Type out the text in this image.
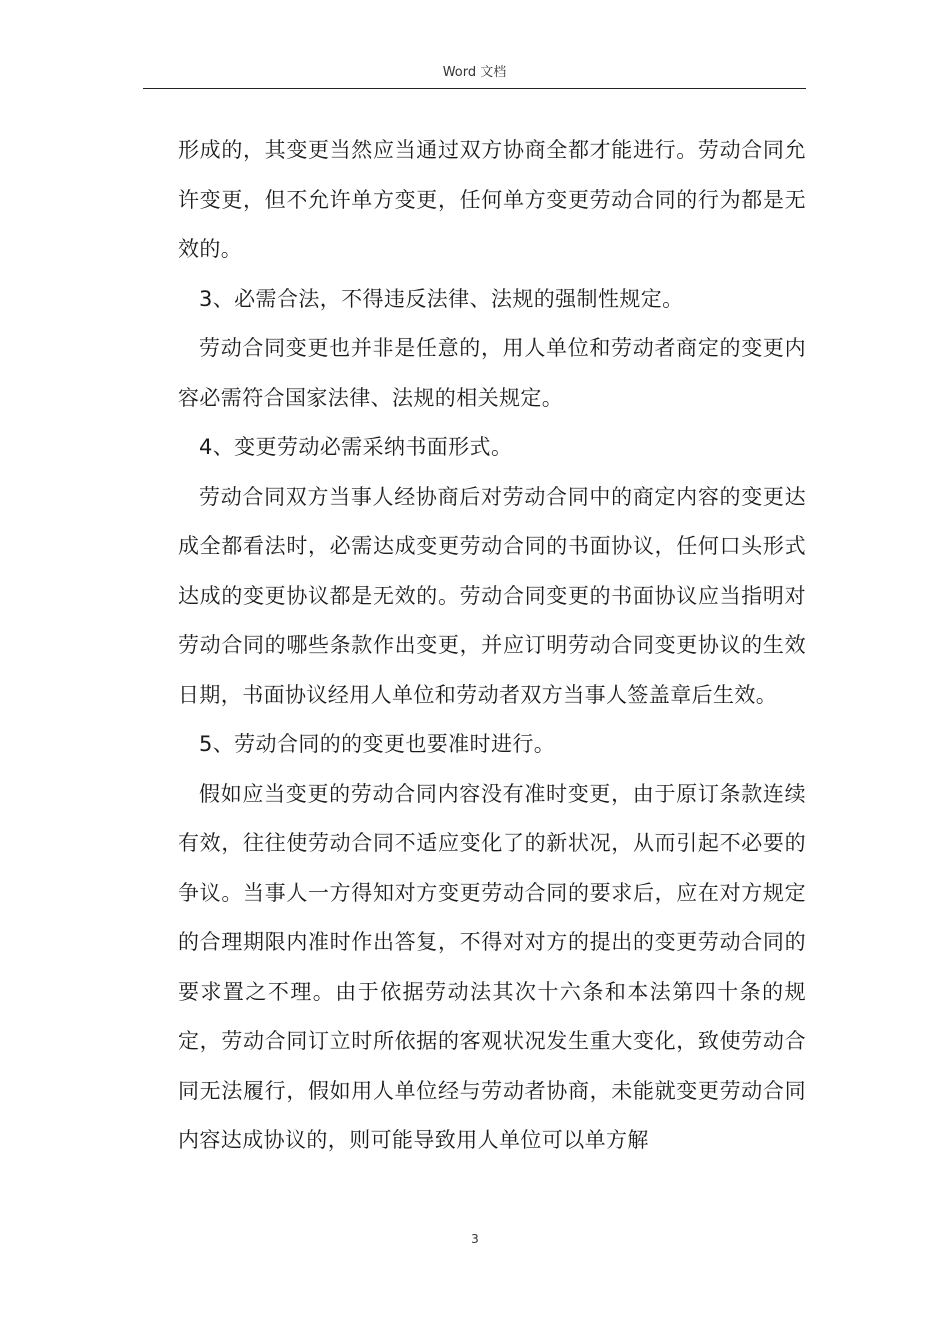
Word 文档

形成的，其变更当然应当通过双方协商全都才能进行。劳动合同允许变更，但不允许单方变更，任何单方变更劳动合同的行为都是无效的。

3、必需合法，不得违反法律、法规的强制性规定。

劳动合同变更也并非是任意的，用人单位和劳动者商定的变更内容必需符合国家法律、法规的相关规定。

4、变更劳动必需采纳书面形式。

劳动合同双方当事人经协商后对劳动合同中的商定内容的变更达成全都看法时，必需达成变更劳动合同的书面协议，任何口头形式达成的变更协议都是无效的。劳动合同变更的书面协议应当指明对劳动合同的哪些条款作出变更，并应订明劳动合同变更协议的生效日期，书面协议经用人单位和劳动者双方当事人签盖章后生效。

5、劳动合同的的变更也要准时进行。

假如应当变更的劳动合同内容没有准时变更，由于原订条款连续有效，往往使劳动合同不适应变化了的新状况，从而引起不必要的争议。当事人一方得知对方变更劳动合同的要求后，应在对方规定的合理期限内准时作出答复，不得对对方的提出的变更劳动合同的要求置之不理。由于依据劳动法其次十六条和本法第四十条的规定，劳动合同订立时所依据的客观状况发生重大变化，致使劳动合同无法履行，假如用人单位经与劳动者协商，未能就变更劳动合同内容达成协议的，则可能导致用人单位可以单方解

3
